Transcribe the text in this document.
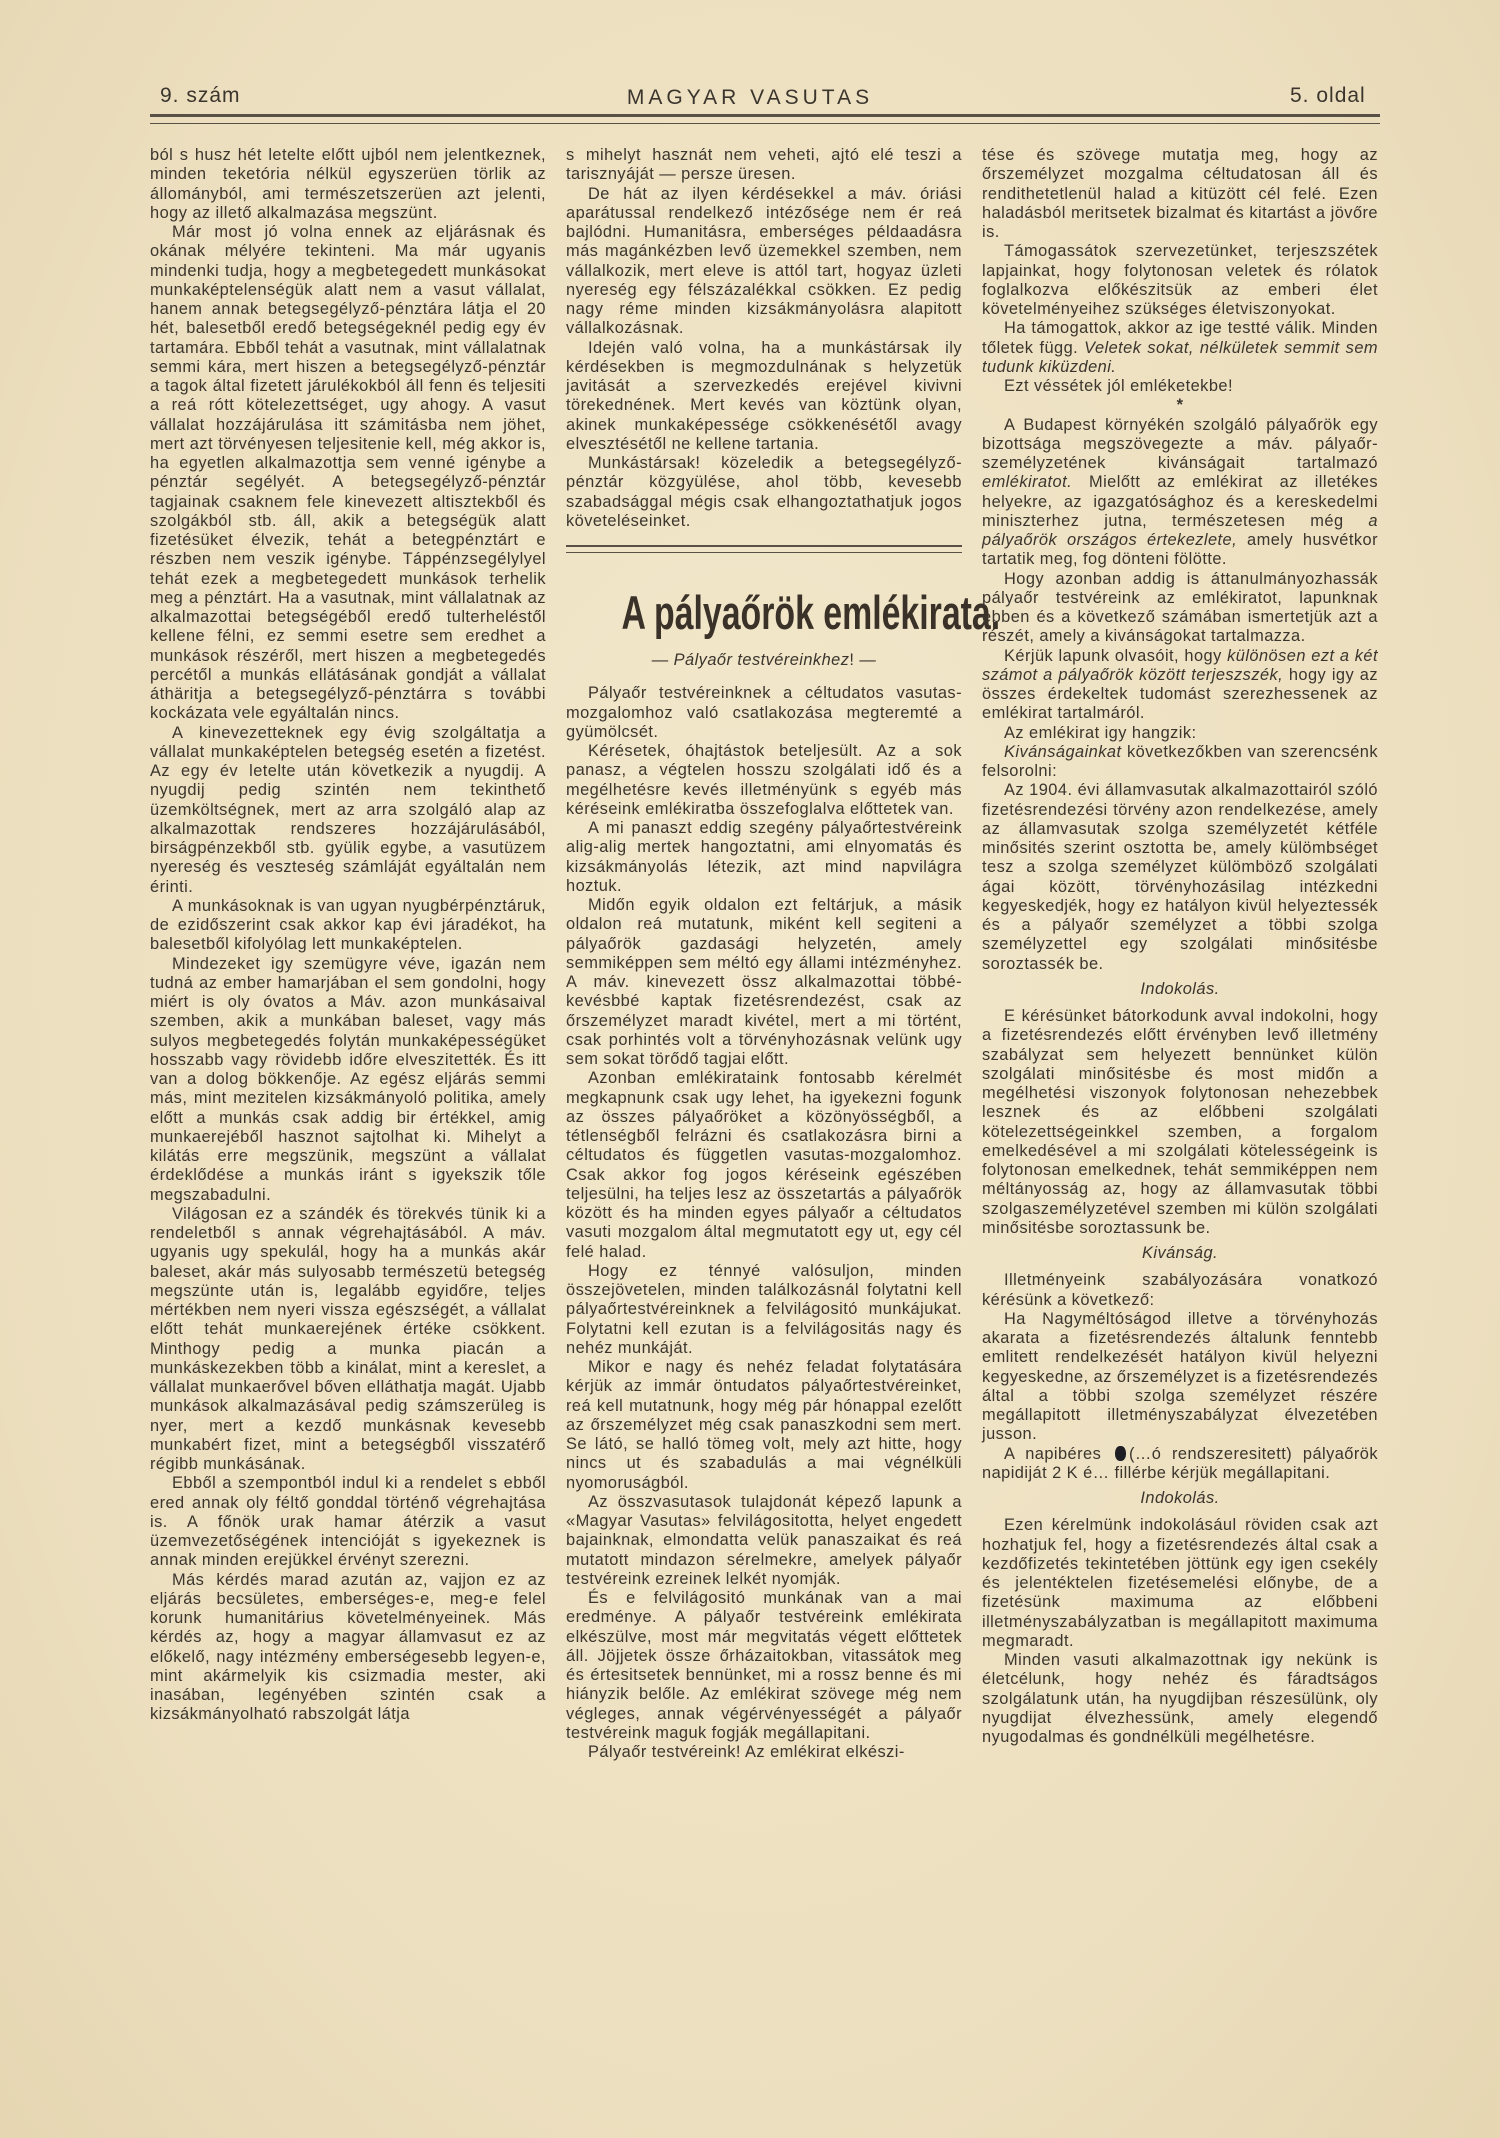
9. szám	MAGYAR VASUTAS	5. oldal

ból s husz hét letelte előtt ujból nem jelentkeznek, minden teketória nélkül egyszerüen törlik az állományból, ami természetszerüen azt jelenti, hogy az illető alkalmazása megszünt.

Már most jó volna ennek az eljárásnak és okának mélyére tekinteni. Ma már ugyanis mindenki tudja, hogy a megbetegedett munkásokat munkaképtelenségük alatt nem a vasut vállalat, hanem annak betegsegélyző-pénztára látja el 20 hét, balesetből eredő betegségeknél pedig egy év tartamára. Ebből tehát a vasutnak, mint vállalatnak semmi kára, mert hiszen a betegsegélyző-pénztár a tagok által fizetett járulékokból áll fenn és teljesiti a reá rótt kötelezettséget, ugy ahogy. A vasut vállalat hozzájárulása itt számitásba nem jöhet, mert azt törvényesen teljesitenie kell, még akkor is, ha egyetlen alkalmazottja sem venné igénybe a pénztár segélyét. A betegsegélyző-pénztár tagjainak csaknem fele kinevezett altisztekből és szolgákból stb. áll, akik a betegségük alatt fizetésüket élvezik, tehát a betegpénztárt e részben nem veszik igénybe. Táppénzsegélylyel tehát ezek a megbetegedett munkások terhelik meg a pénztárt. Ha a vasutnak, mint vállalatnak az alkalmazottai betegségéből eredő tulterheléstől kellene félni, ez semmi esetre sem eredhet a munkások részéről, mert hiszen a megbetegedés percétől a munkás ellátásának gondját a vállalat áthäritja a betegsegélyző-pénztárra s további kockázata vele egyáltalán nincs.

A kinevezetteknek egy évig szolgáltatja a vállalat munkaképtelen betegség esetén a fizetést. Az egy év letelte után következik a nyugdij. A nyugdij pedig szintén nem tekinthető üzemköltségnek, mert az arra szolgáló alap az alkalmazottak rendszeres hozzájárulásából, birságpénzekből stb. gyülik egybe, a vasutüzem nyereség és veszteség számláját egyáltalán nem érinti.

A munkásoknak is van ugyan nyugbérpénztáruk, de ezidőszerint csak akkor kap évi járadékot, ha balesetből kifolyólag lett munkaképtelen.

Mindezeket igy szemügyre véve, igazán nem tudná az ember hamarjában el sem gondolni, hogy miért is oly óvatos a Máv. azon munkásaival szemben, akik a munkában baleset, vagy más sulyos megbetegedés folytán munkaképességüket hosszabb vagy rövidebb időre elveszitették. És itt van a dolog bökkenője. Az egész eljárás semmi más, mint mezitelen kizsákmányoló politika, amely előtt a munkás csak addig bir értékkel, amig munkaerejéből hasznot sajtolhat ki. Mihelyt a kilátás erre megszünik, megszünt a vállalat érdeklődése a munkás iránt s igyekszik tőle megszabadulni.

Világosan ez a szándék és törekvés tünik ki a rendeletből s annak végrehajtásából. A máv. ugyanis ugy spekulál, hogy ha a munkás akár baleset, akár más sulyosabb természetü betegség megszünte után is, legalább egyidőre, teljes mértékben nem nyeri vissza egészségét, a vállalat előtt tehát munkaerejének értéke csökkent. Minthogy pedig a munka piacán a munkáskezekben több a kinálat, mint a kereslet, a vállalat munkaerővel bőven elláthatja magát. Ujabb munkások alkalmazásával pedig számszerüleg is nyer, mert a kezdő munkásnak kevesebb munkabért fizet, mint a betegségből visszatérő régibb munkásának.

Ebből a szempontból indul ki a rendelet s ebből ered annak oly féltő gonddal történő végrehajtása is. A főnök urak hamar átérzik a vasut üzemvezetőségének intencióját s igyekeznek is annak minden erejükkel érvényt szerezni.

Más kérdés marad azután az, vajjon ez az eljárás becsületes, emberséges-e, meg-e felel korunk humanitárius követelményeinek. Más kérdés az, hogy a magyar államvasut ez az előkelő, nagy intézmény emberségesebb legyen-e, mint akármelyik kis csizmadia mester, aki inasában, legényében szintén csak a kizsákmányolható rabszolgát látja

s mihelyt hasznát nem veheti, ajtó elé teszi a tarisznyáját — persze üresen.

De hát az ilyen kérdésekkel a máv. óriási aparátussal rendelkező intézősége nem ér reá bajlódni. Humanitásra, emberséges példaadásra más magánkézben levő üzemekkel szemben, nem vállalkozik, mert eleve is attól tart, hogyaz üzleti nyereség egy félszázalékkal csökken. Ez pedig nagy réme minden kizsákmányolásra alapitott vállalkozásnak.

Idején való volna, ha a munkástársak ily kérdésekben is megmozdulnának s helyzetük javitását a szervezkedés erejével kivivni törekednének. Mert kevés van köztünk olyan, akinek munkaképessége csökkenésétől avagy elvesztésétől ne kellene tartania.

Munkástársak! közeledik a betegsegélyző-pénztár közgyülése, ahol több, kevesebb szabadsággal mégis csak elhangoztathatjuk jogos követeléseinket.

A pályaőrök emlékirata.

— Pályaőr testvéreinkhez! —

Pályaőr testvéreinknek a céltudatos vasutas-mozgalomhoz való csatlakozása megteremté a gyümölcsét.

Kérésetek, óhajtástok beteljesült. Az a sok panasz, a végtelen hosszu szolgálati idő és a megélhetésre kevés illetményünk s egyéb más kéréseink emlékiratba összefoglalva előttetek van.

A mi panaszt eddig szegény pályaőrtestvéreink alig-alig mertek hangoztatni, ami elnyomatás és kizsákmányolás létezik, azt mind napvilágra hoztuk.

Midőn egyik oldalon ezt feltárjuk, a másik oldalon reá mutatunk, miként kell segiteni a pályaőrök gazdasági helyzetén, amely semmiképpen sem méltó egy állami intézményhez. A máv. kinevezett össz alkalmazottai többé-kevésbbé kaptak fizetésrendezést, csak az őrszemélyzet maradt kivétel, mert a mi történt, csak porhintés volt a törvényhozásnak velünk ugy sem sokat törődő tagjai előtt.

Azonban emlékirataink fontosabb kérelmét megkapnunk csak ugy lehet, ha igyekezni fogunk az összes pályaőröket a közönyösségből, a tétlenségből felrázni és csatlakozásra birni a céltudatos és független vasutas-mozgalomhoz. Csak akkor fog jogos kéréseink egészében teljesülni, ha teljes lesz az összetartás a pályaőrök között és ha minden egyes pályaőr a céltudatos vasuti mozgalom által megmutatott egy ut, egy cél felé halad.

Hogy ez ténnyé valósuljon, minden összejövetelen, minden találkozásnál folytatni kell pályaőrtestvéreinknek a felvilágositó munkájukat. Folytatni kell ezutan is a felvilágositás nagy és nehéz munkáját.

Mikor e nagy és nehéz feladat folytatására kérjük az immár öntudatos pályaőrtestvéreinket, reá kell mutatnunk, hogy még pár hónappal ezelőtt az őrszemélyzet még csak panaszkodni sem mert. Se látó, se halló tömeg volt, mely azt hitte, hogy nincs ut és szabadulás a mai végnélküli nyomoruságból.

Az összvasutasok tulajdonát képező lapunk a «Magyar Vasutas» felvilágositotta, helyet engedett bajainknak, elmondatta velük panaszaikat és reá mutatott mindazon sérelmekre, amelyek pályaőr testvéreink ezreinek lelkét nyomják.

És e felvilágositó munkának van a mai eredménye. A pályaőr testvéreink emlékirata elkészülve, most már megvitatás végett előttetek áll. Jöjjetek össze őrházaitokban, vitassátok meg és értesitsetek bennünket, mi a rossz benne és mi hiányzik belőle. Az emlékirat szövege még nem végleges, annak végérvényességét a pályaőr testvéreink maguk fogják megállapitani.

Pályaőr testvéreink! Az emlékirat elkészi-

tése és szövege mutatja meg, hogy az őrszemélyzet mozgalma céltudatosan áll és rendithetetlenül halad a kitüzött cél felé. Ezen haladásból meritsetek bizalmat és kitartást a jövőre is.

Támogassátok szervezetünket, terjeszszétek lapjainkat, hogy folytonosan veletek és rólatok foglalkozva előkészitsük az emberi élet követelményeihez szükséges életviszonyokat.

Ha támogattok, akkor az ige testté válik. Minden tőletek függ. Veletek sokat, nélkületek semmit sem tudunk kiküzdeni.

Ezt véssétek jól emléketekbe!

*

A Budapest környékén szolgáló pályaőrök egy bizottsága megszövegezte a máv. pályaőr-személyzetének kivánságait tartalmazó emlékiratot. Mielőtt az emlékirat az illetékes helyekre, az igazgatósághoz és a kereskedelmi miniszterhez jutna, természetesen még a pályaőrök országos értekezlete, amely husvétkor tartatik meg, fog dönteni fölötte.

Hogy azonban addig is áttanulmányozhassák pályaőr testvéreink az emlékiratot, lapunknak ebben és a következő számában ismertetjük azt a részét, amely a kivánságokat tartalmazza.

Kérjük lapunk olvasóit, hogy különösen ezt a két számot a pályaőrök között terjeszszék, hogy igy az összes érdekeltek tudomást szerezhessenek az emlékirat tartalmáról.

Az emlékirat igy hangzik:

Kivánságainkat következőkben van szerencsénk felsorolni:

Az 1904. évi államvasutak alkalmazottairól szóló fizetésrendezési törvény azon rendelkezése, amely az államvasutak szolga személyzetét kétféle minősités szerint osztotta be, amely külömbséget tesz a szolga személyzet külömböző szolgálati ágai között, törvényhozásilag intézkedni kegyeskedjék, hogy ez hatályon kivül helyeztessék és a pályaőr személyzet a többi szolga személyzettel egy szolgálati minősitésbe soroztassék be.

Indokolás.

E kérésünket bátorkodunk avval indokolni, hogy a fizetésrendezés előtt érvényben levő illetmény szabályzat sem helyezett bennünket külön szolgálati minősitésbe és most midőn a megélhetési viszonyok folytonosan nehezebbek lesznek és az előbbeni szolgálati kötelezettségeinkkel szemben, a forgalom emelkedésével a mi szolgálati kötelességeink is folytonosan emelkednek, tehát semmiképpen nem méltányosság az, hogy az államvasutak többi szolgaszemélyzetével szemben mi külön szolgálati minősitésbe soroztassunk be.

Kivánság.

Illetményeink szabályozására vonatkozó kérésünk a következő:

Ha Nagyméltóságod illetve a törvényhozás akarata a fizetésrendezés általunk fenntebb emlitett rendelkezését hatályon kivül helyezni kegyeskedne, az őrszemélyzet is a fizetésrendezés által a többi szolga személyzet részére megállapitott illetményszabályzat élvezetében jusson.

A napibéres (…ó rendszeresitett) pályaőrök napidiját 2 K é… fillérbe kérjük megállapitani.

Indokolás.

Ezen kérelmünk indokolásául röviden csak azt hozhatjuk fel, hogy a fizetésrendezés által csak a kezdőfizetés tekintetében jöttünk egy igen csekély és jelentéktelen fizetésemelési előnybe, de a fizetésünk maximuma az előbbeni illetményszabályzatban is megállapitott maximuma megmaradt.

Minden vasuti alkalmazottnak igy nekünk is életcélunk, hogy nehéz és fáradtságos szolgálatunk után, ha nyugdijban részesülünk, oly nyugdijat élvezhessünk, amely elegendő nyugodalmas és gondnélküli megélhetésre.
